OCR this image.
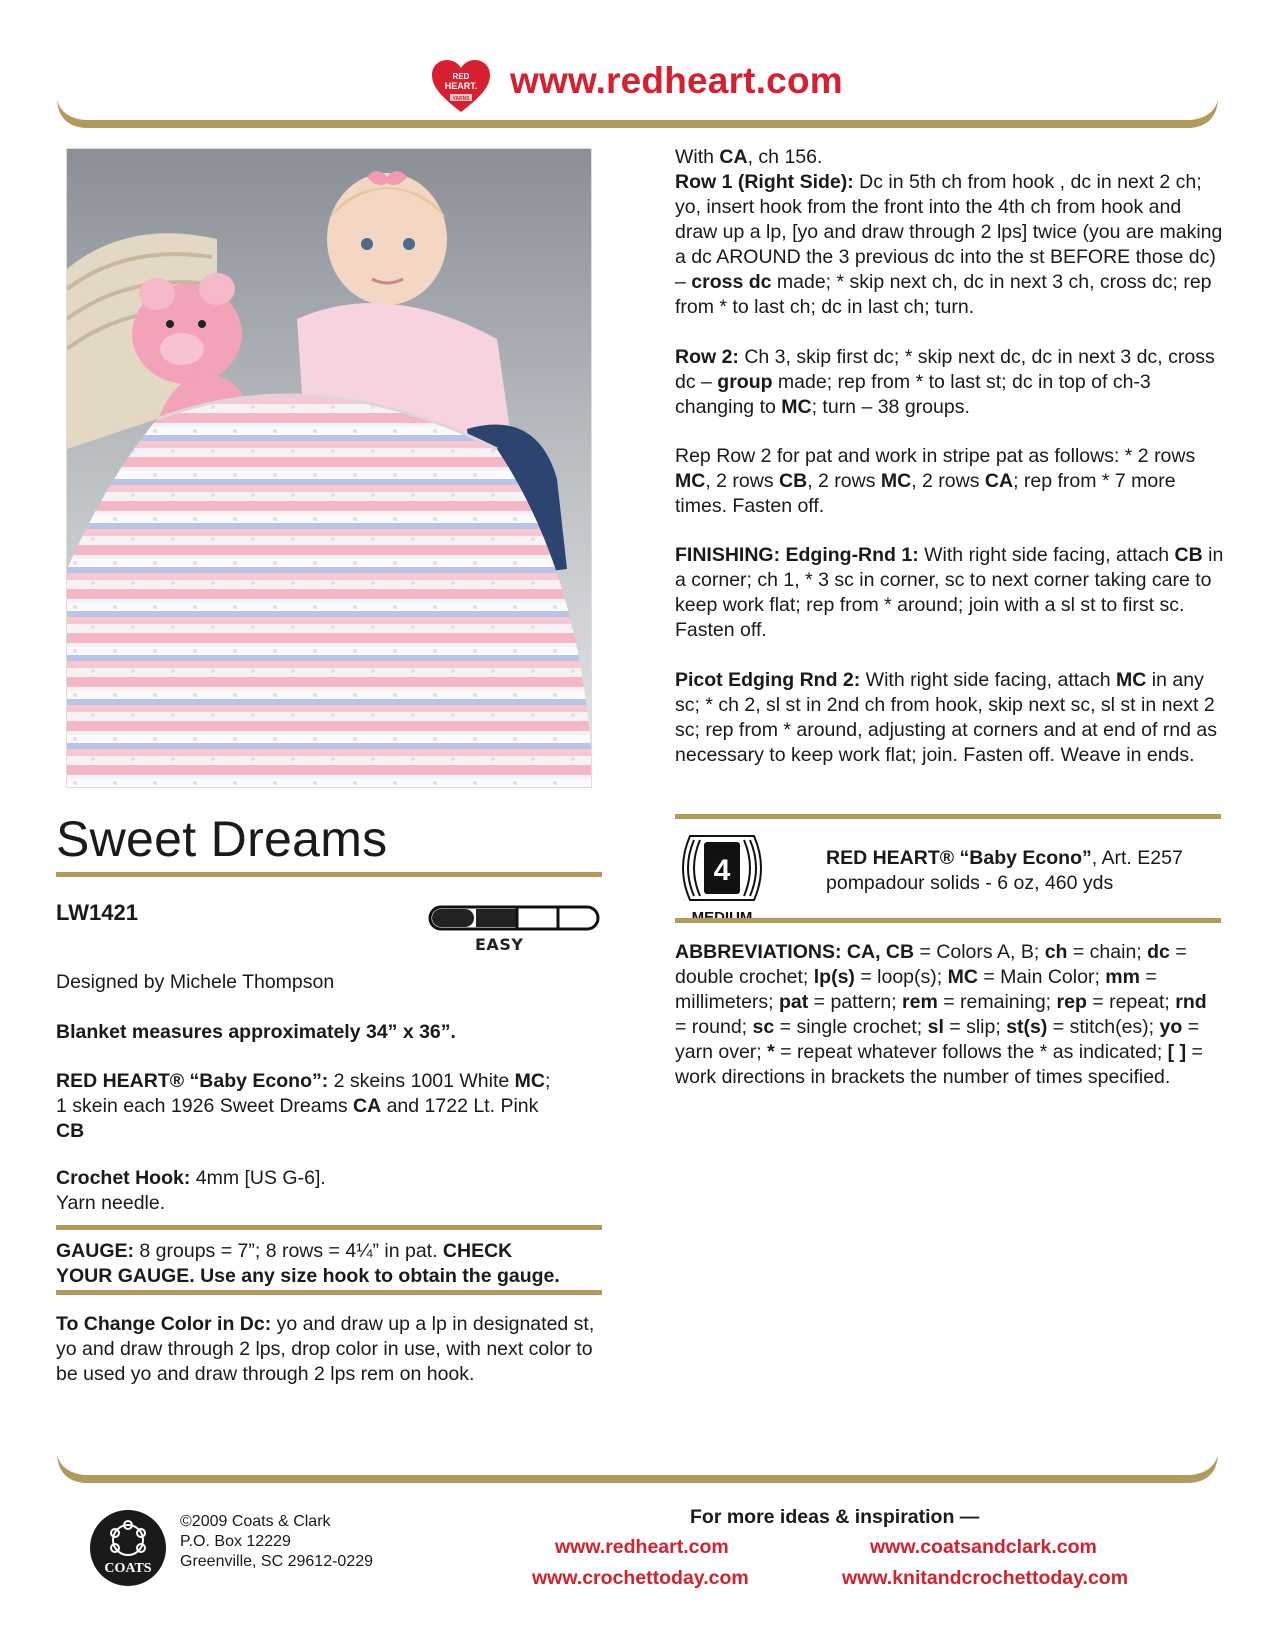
RED
HEART.
YARNS www.redheart.com
Sweet Dreams
LW1421
EASY
Designed by Michele Thompson
Blanket measures approximately 34” x 36”.
RED HEART® “Baby Econo”: 2 skeins 1001 White MC;
1 skein each 1926 Sweet Dreams CA and 1722 Lt. Pink
CB
Crochet Hook: 4mm [US G-6].
Yarn needle.
GAUGE: 8 groups = 7”; 8 rows = 4¼” in pat. CHECK
YOUR GAUGE. Use any size hook to obtain the gauge.
To Change Color in Dc: yo and draw up a lp in designated st, yo and draw through 2 lps, drop color in use, with next color to be used yo and draw through 2 lps rem on hook.
With CA, ch 156.
Row 1 (Right Side): Dc in 5th ch from hook , dc in next 2 ch; yo, insert hook from the front into the 4th ch from hook and draw up a lp, [yo and draw through 2 lps] twice (you are making a dc AROUND the 3 previous dc into the st BEFORE those dc) – cross dc made; * skip next ch, dc in next 3 ch, cross dc; rep from * to last ch; dc in last ch; turn.
Row 2: Ch 3, skip first dc; * skip next dc, dc in next 3 dc, cross dc – group made; rep from * to last st; dc in top of ch-3 changing to MC; turn – 38 groups.
Rep Row 2 for pat and work in stripe pat as follows: * 2 rows MC, 2 rows CB, 2 rows MC, 2 rows CA; rep from * 7 more times. Fasten off.
FINISHING: Edging-Rnd 1: With right side facing, attach CB in a corner; ch 1, * 3 sc in corner, sc to next corner taking care to keep work flat; rep from * around; join with a sl st to first sc. Fasten off.
Picot Edging Rnd 2: With right side facing, attach MC in any sc; * ch 2, sl st in 2nd ch from hook, skip next sc, sl st in next 2 sc; rep from * around, adjusting at corners and at end of rnd as necessary to keep work flat; join. Fasten off. Weave in ends.
4	RED HEART® “Baby Econo”, Art. E257
pompadour solids - 6 oz, 460 yds
ABBREVIATIONS: CA, CB = Colors A, B; ch = chain; dc = double crochet; lp(s) = loop(s); MC = Main Color; mm = millimeters; pat = pattern; rem = remaining; rep = repeat; rnd = round; sc = single crochet; sl = slip; st(s) = stitch(es); yo = yarn over; * = repeat whatever follows the * as indicated; [ ] = work directions in brackets the number of times specified.
COATS
©2009 Coats & Clark
P.O. Box 12229
Greenville, SC 29612-0229
For more ideas & inspiration —
www.redheart.com	www.coatsandclark.com
www.crochettoday.com	www.knitandcrochettoday.com
